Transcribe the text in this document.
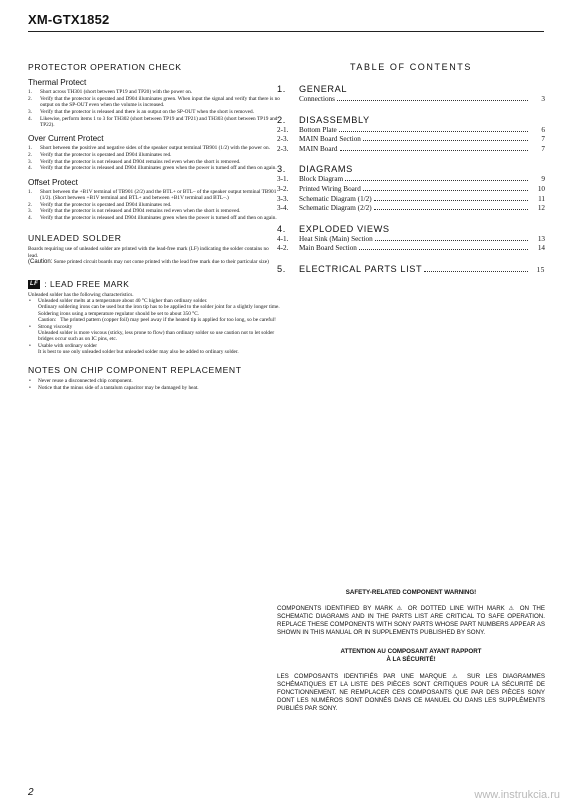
XM-GTX1852
PROTECTOR OPERATION CHECK
Thermal Protect
1. Short across TH301 (short between TP19 and TP20) with the power on.
2. Verify that the protector is operated and D904 illuminates green. When input the signal and verify that there is no output on the SP-OUT even when the volume is increased.
3. Verify that the protector is released and there is an output on the SP-OUT when the short is removed.
4. Likewise, perform items 1 to 3 for TH302 (short between TP19 and TP21) and TH303 (short between TP19 and TP22).
Over Current Protect
1. Short between the positive and negative sides of the speaker output terminal TB901 (1/2) with the power on.
2. Verify that the protector is operated and D904 illuminates red.
3. Verify that the protector is not released and D904 remains red even when the short is removed.
4. Verify that the protector is released and D904 illuminates green when the power is turned off and then on again.
Offset Protect
1. Short between the +B1V terminal of TB901 (2/2) and the BTL+ or BTL– of the speaker output terminal TB901 (1/2). (Short between +B1V terminal and BTL+ and between +B1V terminal and BTL–.)
2. Verify that the protector is operated and D904 illuminates red.
3. Verify that the protector is not released and D904 remains red even when the short is removed.
4. Verify that the protector is released and D904 illuminates green when the power is turned off and then on again.
UNLEADED SOLDER
Boards requiring use of unleaded solder are printed with the lead-free mark (LF) indicating the solder contains no lead.
(Caution: Some printed circuit boards may not come printed with the lead free mark due to their particular size)
LF : LEAD FREE MARK
Unleaded solder has the following characteristics.
• Unleaded solder melts at a temperature about 40 °C higher than ordinary solder.
Ordinary soldering irons can be used but the iron tip has to be applied to the solder joint for a slightly longer time.
Soldering irons using a temperature regulator should be set to about 350 °C.
Caution: The printed pattern (copper foil) may peel away if the heated tip is applied for too long, so be careful!
• Strong viscosity
Unleaded solder is more viscous (sticky, less prone to flow) than ordinary solder so use caution not to let solder bridges occur such as on IC pins, etc.
• Usable with ordinary solder
It is best to use only unleaded solder but unleaded solder may also be added to ordinary solder.
NOTES ON CHIP COMPONENT REPLACEMENT
• Never reuse a disconnected chip component.
• Notice that the minus side of a tantalum capacitor may be damaged by heat.
TABLE OF CONTENTS
1.	GENERAL
Connections	3
2.	DISASSEMBLY
2-1.	Bottom Plate	6
2-3.	MAIN Board Section	7
2-3.	MAIN Board	7
3.	DIAGRAMS
3-1.	Block Diagram	9
3-2.	Printed Wiring Board	10
3-3.	Schematic Diagram (1/2)	11
3-4.	Schematic Diagram (2/2)	12
4.	EXPLODED VIEWS
4-1.	Heat Sink (Main) Section	13
4-2.	Main Board Section	14
5.	ELECTRICAL PARTS LIST	15
SAFETY-RELATED COMPONENT WARNING!
COMPONENTS IDENTIFIED BY MARK ⚠ OR DOTTED LINE WITH MARK ⚠ ON THE SCHEMATIC DIAGRAMS AND IN THE PARTS LIST ARE CRITICAL TO SAFE OPERATION. REPLACE THESE COMPONENTS WITH SONY PARTS WHOSE PART NUMBERS APPEAR AS SHOWN IN THIS MANUAL OR IN SUPPLEMENTS PUBLISHED BY SONY.
ATTENTION AU COMPOSANT AYANT RAPPORT
À LA SÉCURITÉ!
LES COMPOSANTS IDENTIFIÉS PAR UNE MARQUE ⚠ SUR LES DIAGRAMMES SCHÉMATIQUES ET LA LISTE DES PIÈCES SONT CRITIQUES POUR LA SÉCURITÉ DE FONCTIONNEMENT. NE REMPLACER CES COMPOSANTS QUE PAR DES PIÈCES SONY DONT LES NUMÉROS SONT DONNÉS DANS CE MANUEL OU DANS LES SUPPLÉMENTS PUBLIÉS PAR SONY.
2	www.instrukcia.ru
